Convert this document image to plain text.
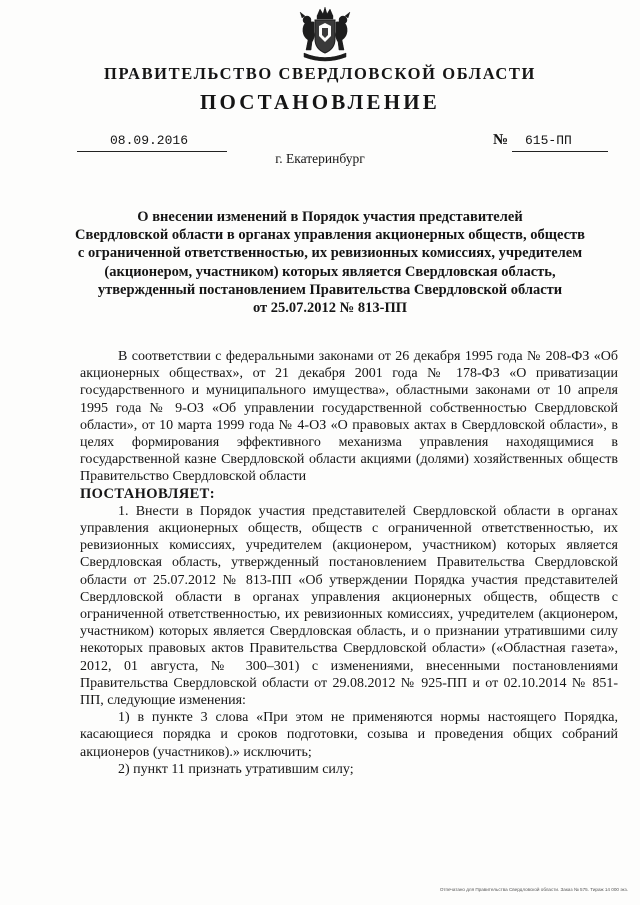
ПРАВИТЕЛЬСТВО СВЕРДЛОВСКОЙ ОБЛАСТИ
ПОСТАНОВЛЕНИЕ
08.09.2016	№ 615-ПП
г. Екатеринбург
О внесении изменений в Порядок участия представителей
Свердловской области в органах управления акционерных обществ, обществ
с ограниченной ответственностью, их ревизионных комиссиях, учредителем
(акционером, участником) которых является Свердловская область,
утвержденный постановлением Правительства Свердловской области
от 25.07.2012 № 813-ПП

В соответствии с федеральными законами от 26 декабря 1995 года № 208-ФЗ «Об акционерных обществах», от 21 декабря 2001 года № 178-ФЗ «О приватизации государственного и муниципального имущества», областными законами от 10 апреля 1995 года № 9-ОЗ «Об управлении государственной собственностью Свердловской области», от 10 марта 1999 года № 4-ОЗ «О правовых актах в Свердловской области», в целях формирования эффективного механизма управления находящимися в государственной казне Свердловской области акциями (долями) хозяйственных обществ Правительство Свердловской области

ПОСТАНОВЛЯЕТ:

1. Внести в Порядок участия представителей Свердловской области в органах управления акционерных обществ, обществ с ограниченной ответственностью, их ревизионных комиссиях, учредителем (акционером, участником) которых является Свердловская область, утвержденный постановлением Правительства Свердловской области от 25.07.2012 № 813-ПП «Об утверждении Порядка участия представителей Свердловской области в органах управления акционерных обществ, обществ с ограниченной ответственностью, их ревизионных комиссиях, учредителем (акционером, участником) которых является Свердловская область, и о признании утратившими силу некоторых правовых актов Правительства Свердловской области» («Областная газета», 2012, 01 августа, № 300–301) с изменениями, внесенными постановлениями Правительства Свердловской области от 29.08.2012 № 925-ПП и от 02.10.2014 № 851-ПП, следующие изменения:

1) в пункте 3 слова «При этом не применяются нормы настоящего Порядка, касающиеся порядка и сроков подготовки, созыва и проведения общих собраний акционеров (участников).» исключить;

2) пункт 11 признать утратившим силу;

Отпечатано для Правительства Свердловской области. Заказ № 575. Тираж 14 000 экз.
